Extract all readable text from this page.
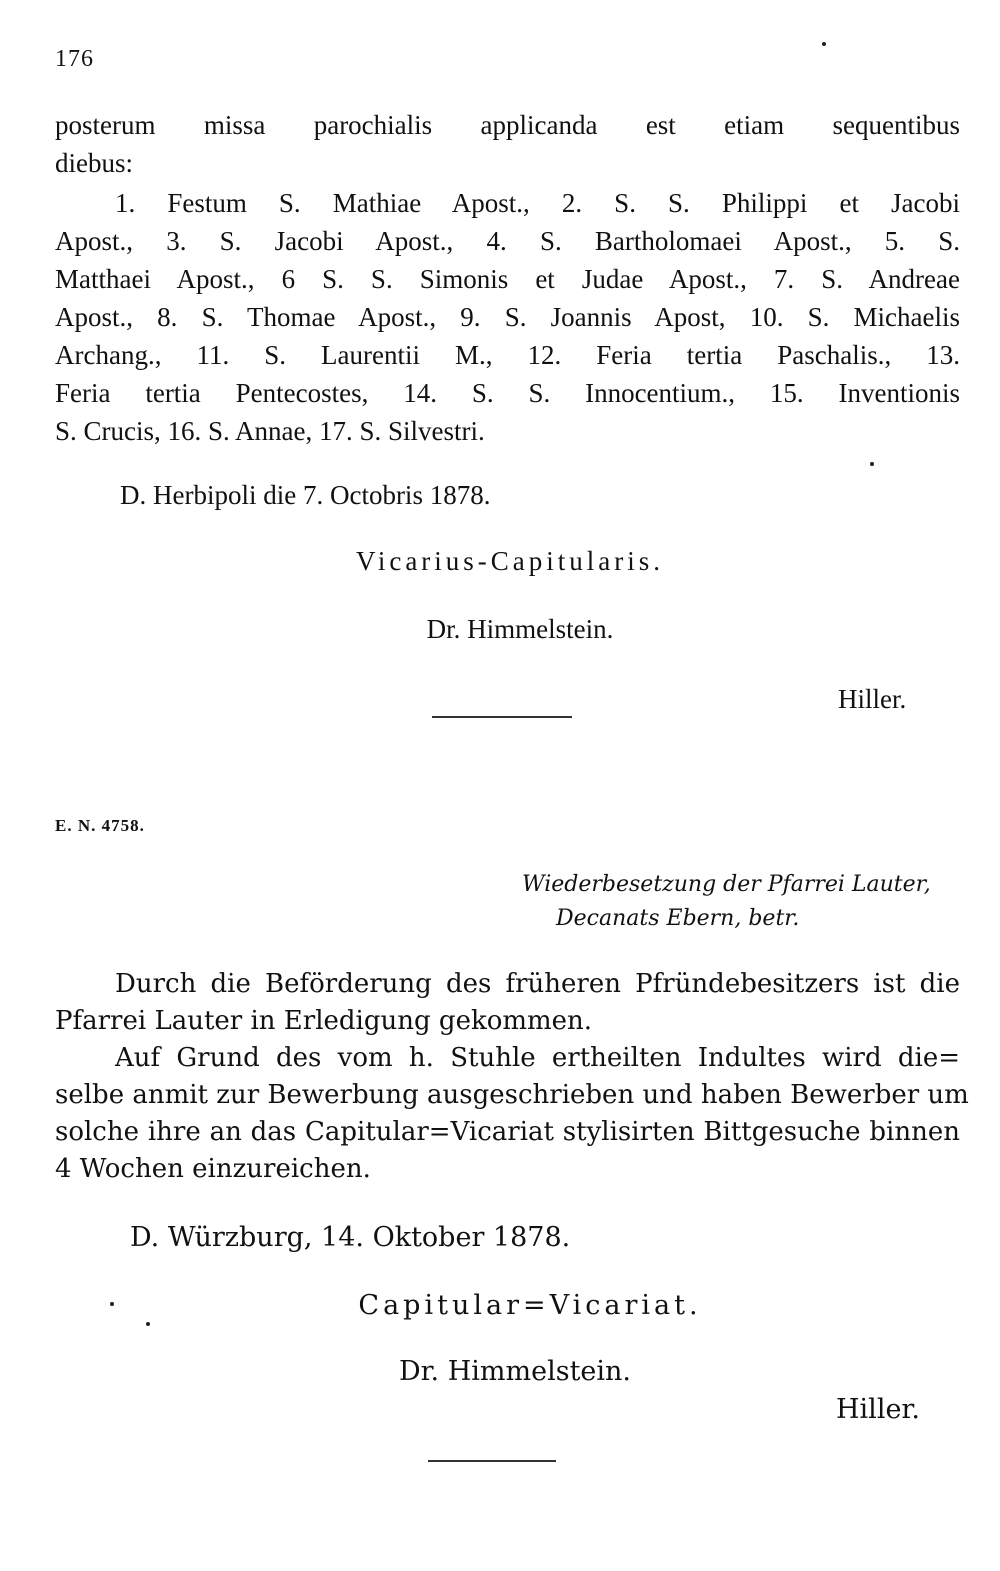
176
posterum missa parochialis applicanda est etiam sequentibus
diebus:
1. Festum S. Mathiae Apost., 2. S. S. Philippi et Jacobi
Apost., 3. S. Jacobi Apost., 4. S. Bartholomaei Apost., 5. S.
Matthaei Apost., 6 S. S. Simonis et Judae Apost., 7. S. Andreae
Apost., 8. S. Thomae Apost., 9. S. Joannis Apost, 10. S. Michaelis
Archang., 11. S. Laurentii M., 12. Feria tertia Paschalis., 13.
Feria tertia Pentecostes, 14. S. S. Innocentium., 15. Inventionis
S. Crucis, 16. S. Annae, 17. S. Silvestri.
D. Herbipoli die 7. Octobris 1878.
Vicarius-Capitularis.
Dr. Himmelstein.
Hiller.
E. N. 4758.
Wiederbesetzung der Pfarrei Lauter,
Decanats Ebern, betr.
Durch die Beförderung des früheren Pfründebesitzers ist die
Pfarrei Lauter in Erledigung gekommen.
Auf Grund des vom h. Stuhle ertheilten Indultes wird die=
selbe anmit zur Bewerbung ausgeschrieben und haben Bewerber um
solche ihre an das Capitular=Vicariat stylisirten Bittgesuche binnen
4 Wochen einzureichen.
D. Würzburg, 14. Oktober 1878.
Capitular=Vicariat.
Dr. Himmelstein.
Hiller.
